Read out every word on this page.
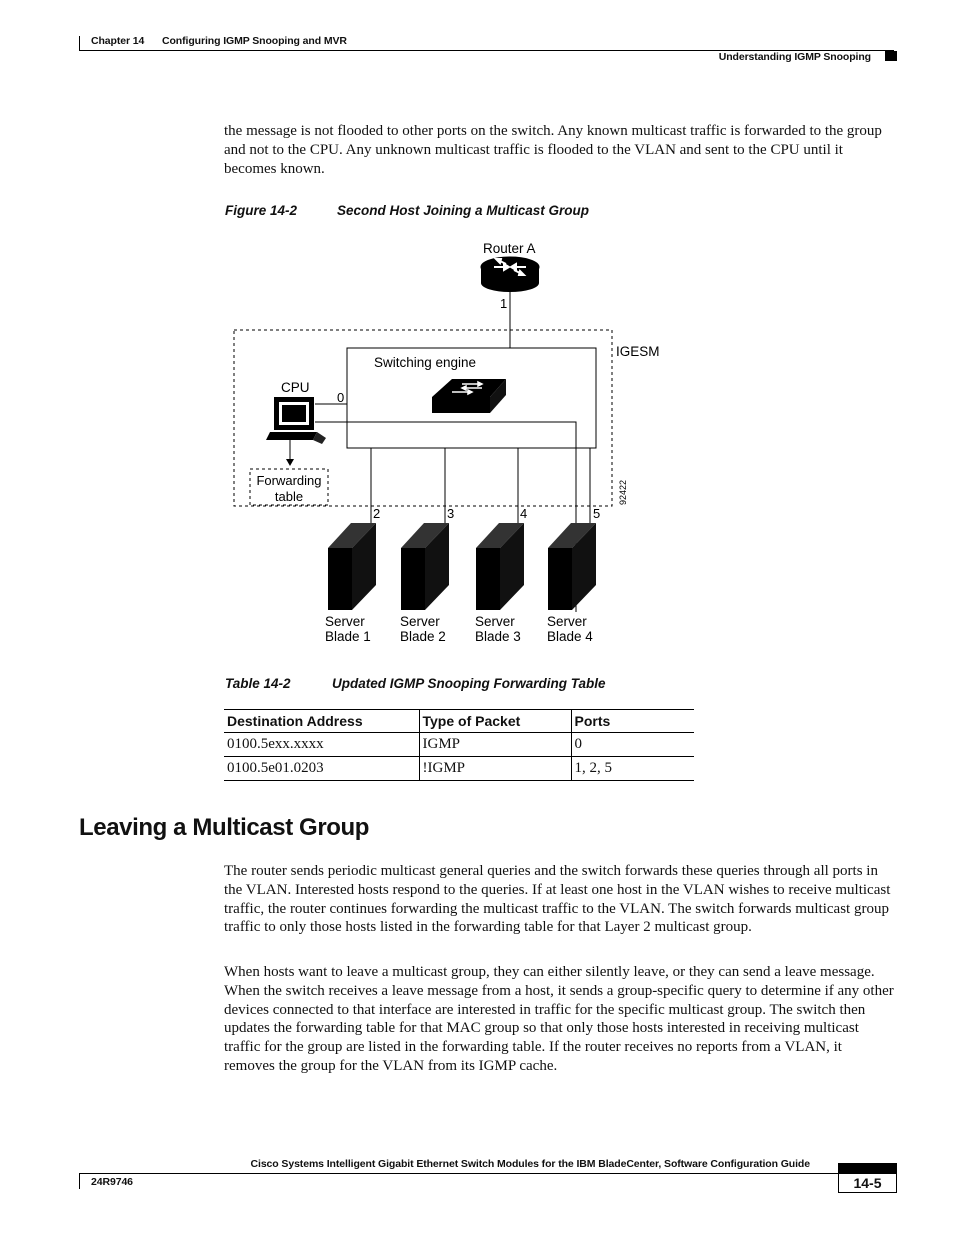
Chapter 14 Configuring IGMP Snooping and MVR
Understanding IGMP Snooping

the message is not flooded to other ports on the switch. Any known multicast traffic is forwarded to the group and not to the CPU. Any unknown multicast traffic is flooded to the VLAN and sent to the CPU until it becomes known.

Figure 14-2	Second Host Joining a Multicast Group
Router A
1
IGESM
Switching engine
CPU
0
Forwarding
table
2	3	4	5
92422
Server
Blade 1
Server
Blade 2
Server
Blade 3
Server
Blade 4
Table 14-2	Updated IGMP Snooping Forwarding Table
Destination Address	Type of Packet	Ports
0100.5exx.xxxx	IGMP	0
0100.5e01.0203	!IGMP	1, 2, 5
Leaving a Multicast Group

The router sends periodic multicast general queries and the switch forwards these queries through all ports in the VLAN. Interested hosts respond to the queries. If at least one host in the VLAN wishes to receive multicast traffic, the router continues forwarding the multicast traffic to the VLAN. The switch forwards multicast group traffic to only those hosts listed in the forwarding table for that Layer 2 multicast group.

When hosts want to leave a multicast group, they can either silently leave, or they can send a leave message. When the switch receives a leave message from a host, it sends a group-specific query to determine if any other devices connected to that interface are interested in traffic for the specific multicast group. The switch then updates the forwarding table for that MAC group so that only those hosts interested in receiving multicast traffic for the group are listed in the forwarding table. If the router receives no reports from a VLAN, it removes the group for the VLAN from its IGMP cache.

Cisco Systems Intelligent Gigabit Ethernet Switch Modules for the IBM BladeCenter, Software Configuration Guide
24R9746	14-5
